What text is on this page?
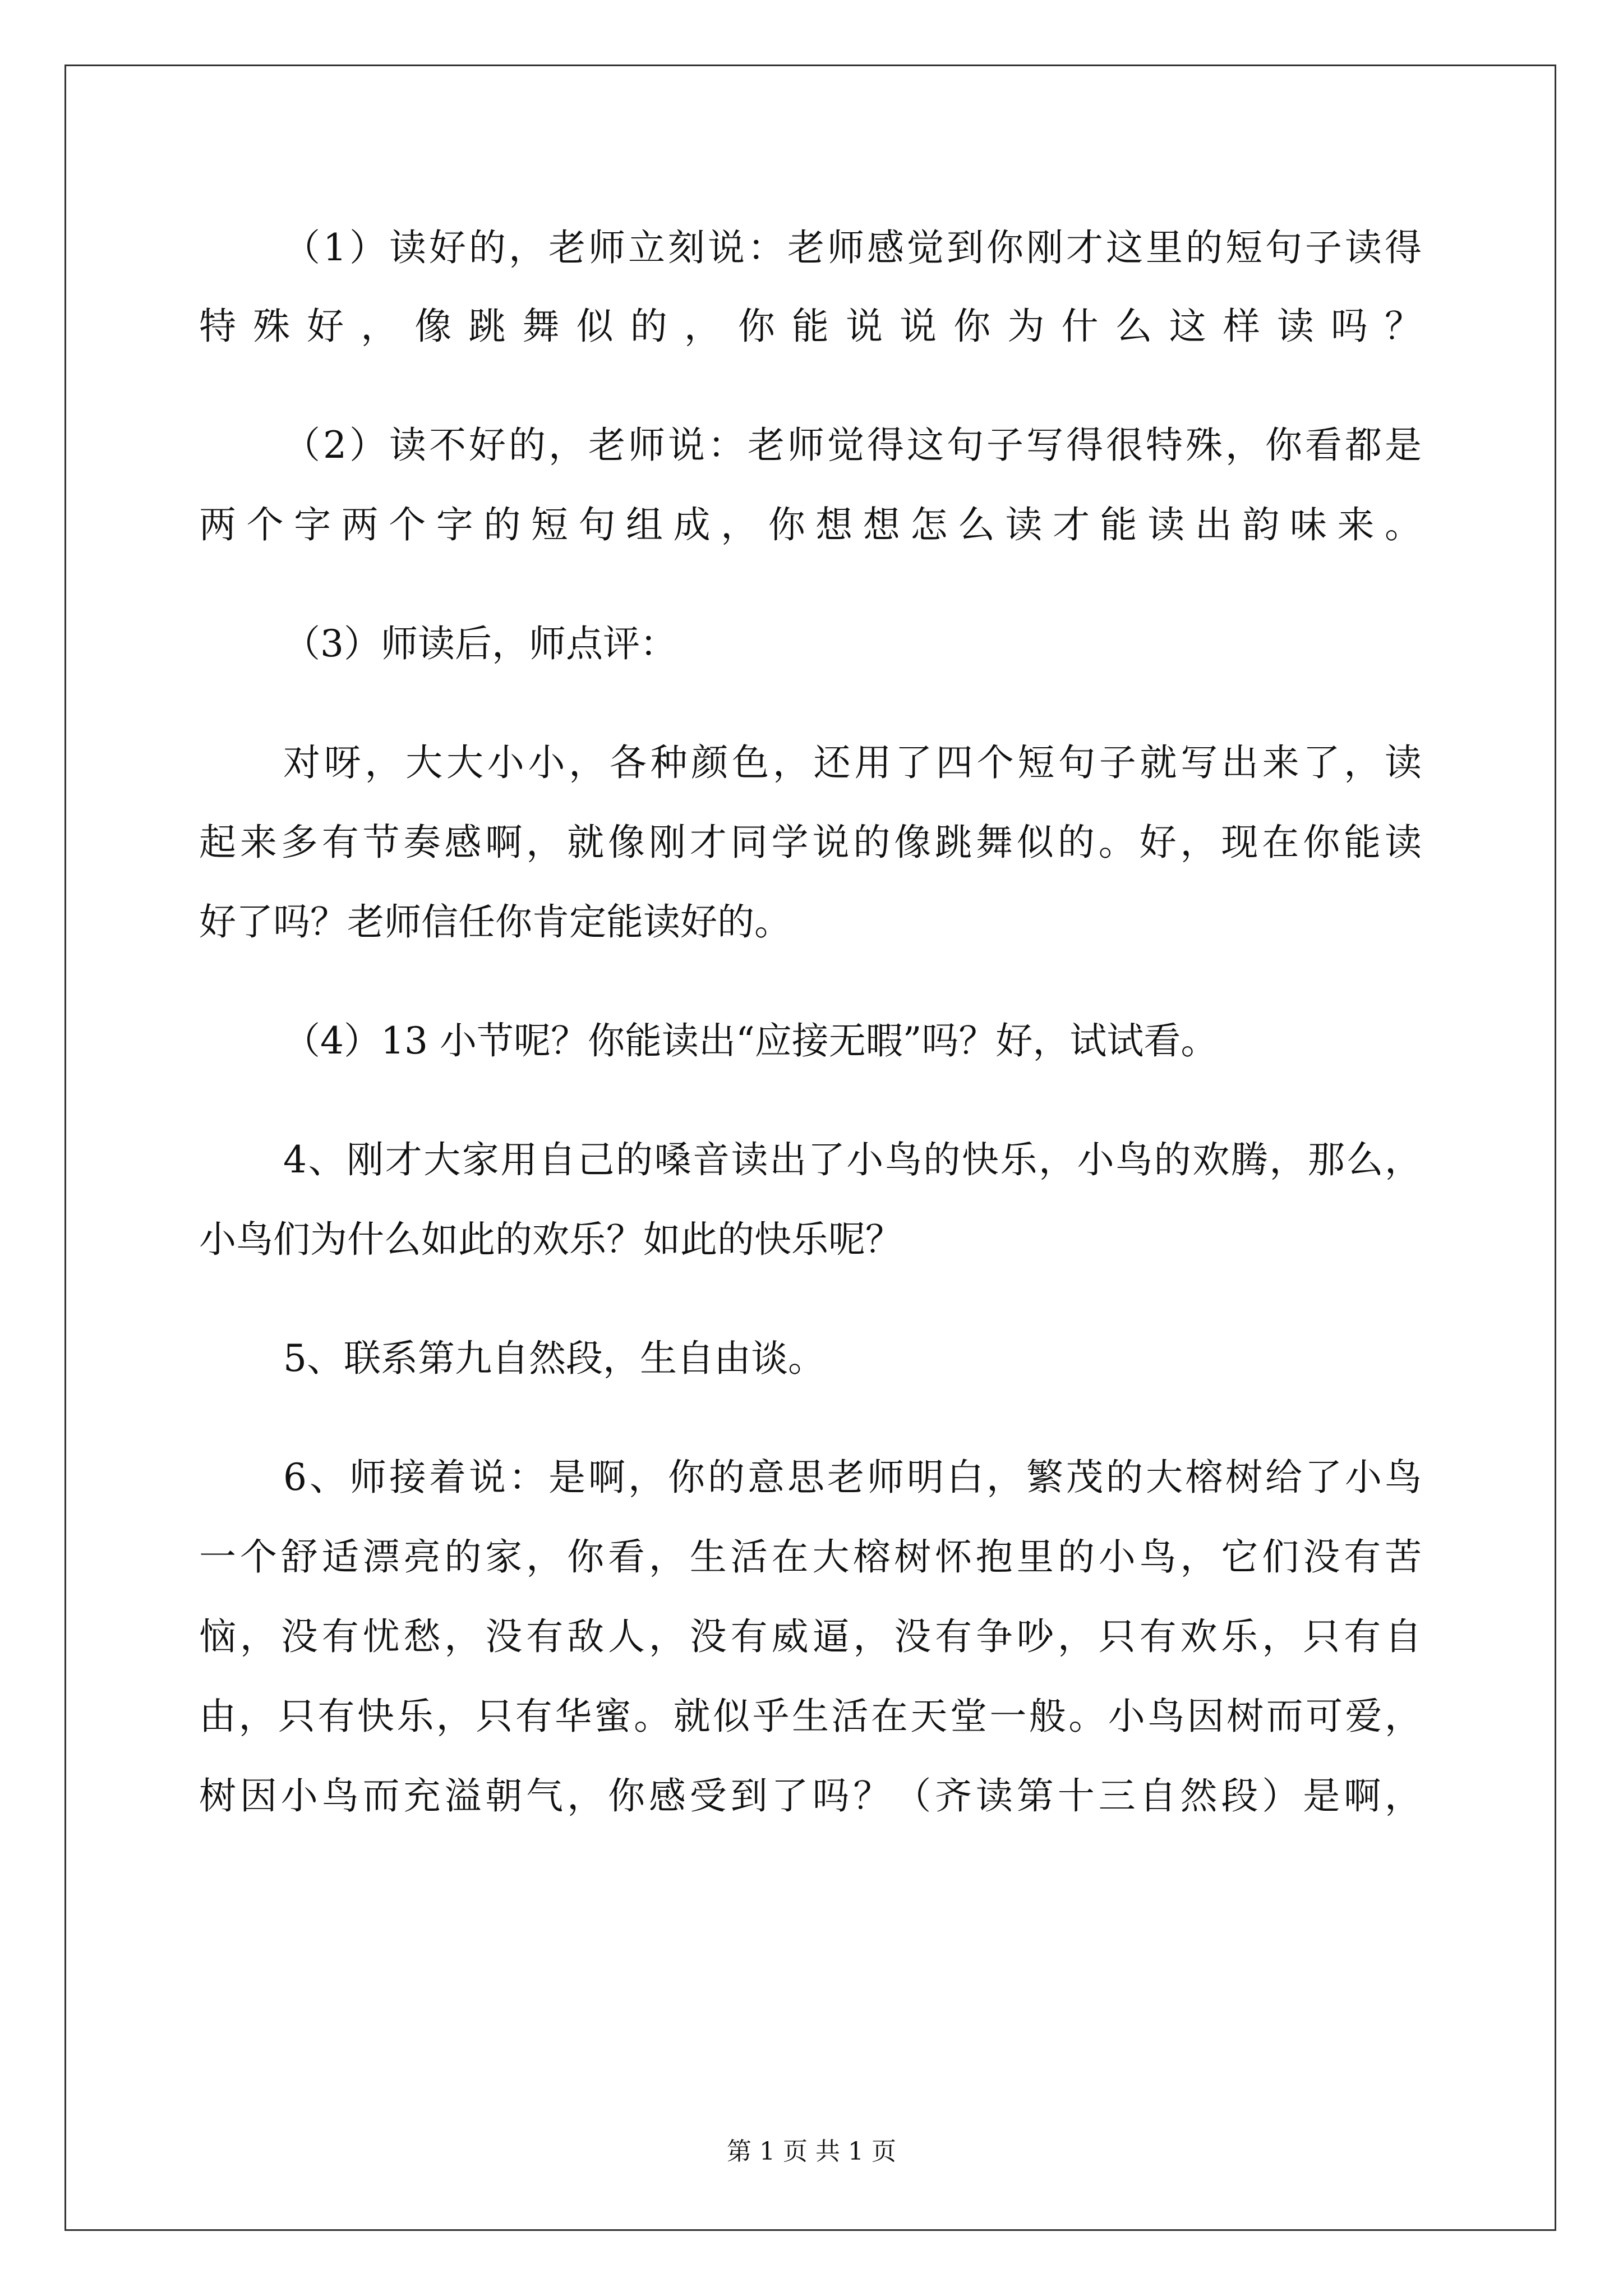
（1）读好的，老师立刻说：老师感觉到你刚才这里的短句子读得
特殊好，像跳舞似的，你能说说你为什么这样读吗？
（2）读不好的，老师说：老师觉得这句子写得很特殊，你看都是
两个字两个字的短句组成，你想想怎么读才能读出韵味来。
（3）师读后，师点评：
对呀，大大小小，各种颜色，还用了四个短句子就写出来了，读
起来多有节奏感啊，就像刚才同学说的像跳舞似的。好，现在你能读
好了吗？老师信任你肯定能读好的。
（4）13 小节呢？你能读出“应接无暇”吗？好，试试看。
4、刚才大家用自己的嗓音读出了小鸟的快乐，小鸟的欢腾，那么，
小鸟们为什么如此的欢乐？如此的快乐呢？
5、联系第九自然段，生自由谈。
6、师接着说：是啊，你的意思老师明白，繁茂的大榕树给了小鸟
一个舒适漂亮的家，你看，生活在大榕树怀抱里的小鸟，它们没有苦
恼，没有忧愁，没有敌人，没有威逼，没有争吵，只有欢乐，只有自
由，只有快乐，只有华蜜。就似乎生活在天堂一般。小鸟因树而可爱，
树因小鸟而充溢朝气，你感受到了吗？（齐读第十三自然段）是啊，
第 1 页 共 1 页
